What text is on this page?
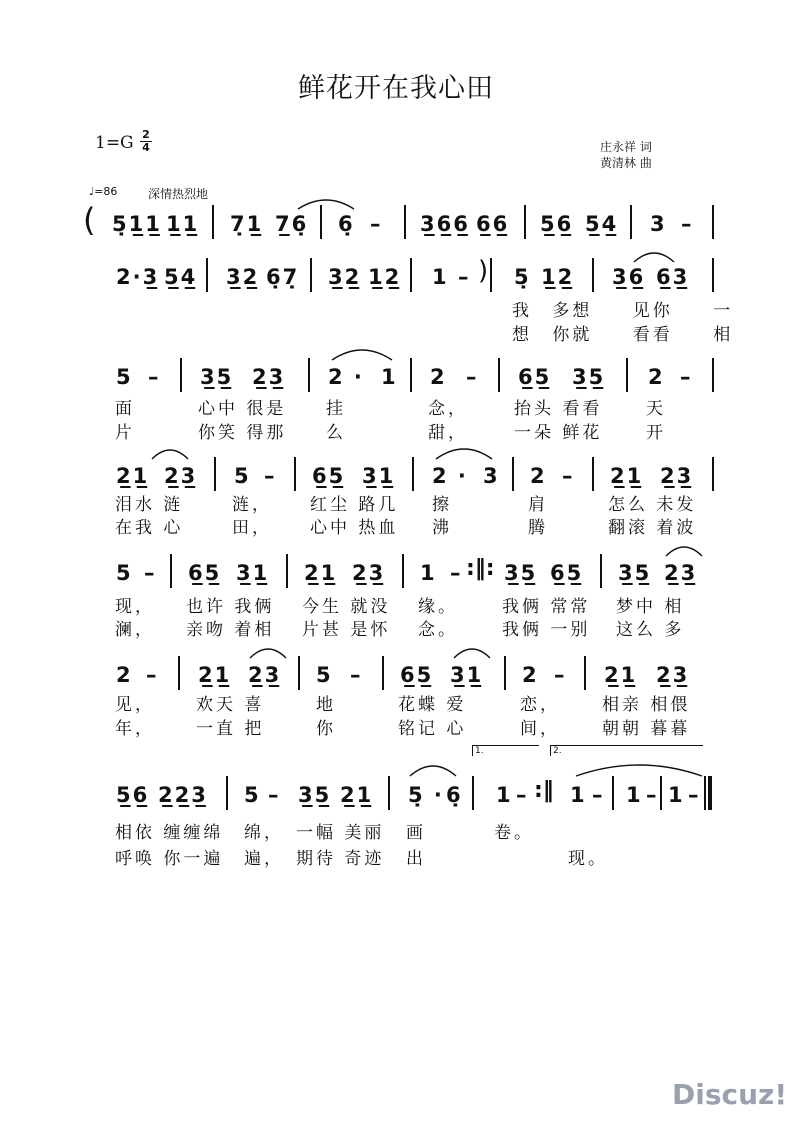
鲜花开在我心田
1=G 2
4	庄永祥 词
黄清林 曲
♩=86	深情热烈地
( 5̣1̲1̲ 1̲1̲ 7̣1̲ 7̲6̣ 6̣ – 3̲6̲6̲ 6̲6̲ 5̲6̲ 5̲4̲ 3 –
2·3̲ 5̲4̲ 3̲2̲ 6̣7̣ 3̲2̲ 1̲2̲ 1 – ) 5̣ 1̲2̲ 3̲6̲ 6̲3̲
我 多想　 见你　 一
想 你就　 看看　 相
5 – 3̲5̲ 2̲3̲ 2 · 1 2 – 6̲5̲ 3̲5̲ 2 –
面	心中 很是 挂	念，	抬头 看看	天
片	你笑 得那 么	甜，	一朵 鲜花	开
2̲1̲ 2̲3̲ 5 – 6̲5̲ 3̲1̲ 2 · 3 2 – 2̲1̲ 2̲3̲
泪水 涟	涟， 红尘 路几 擦	肩	怎么 未发
在我 心	田， 心中 热血 沸	腾	翻滚 着波
5 – 6̲5̲ 3̲1̲ 2̲1̲ 2̲3̲ 1 – :‖: 3̲5̲ 6̲5̲ 3̲5̲ 2̲3̲
现， 也许 我俩 今生 就没 缘。	我俩 常常 梦中 相
澜， 亲吻 着相 片甚 是怀 念。	我俩 一别 这么 多
2 – 2̲1̲ 2̲3̲ 5 – 6̲5̲ 3̲1̲ 2 – 2̲1̲ 2̲3̲
见， 欢天 喜	地	花蝶 爱	恋， 相亲 相偎
年， 一直 把	你	铭记 心	间， 朝朝 暮暮
1.	2.
5̲6̲ 2̲2̲3̲ 5 – 3̲5̲ 2̲1̲ 5̣ · 6̣ 1 – :‖ 1 – 1 – 1 –
相依 缠缠绵 绵， 一幅 美丽 画	卷。
呼唤 你一遍 遍， 期待 奇迹 出	现。
Discuz!
